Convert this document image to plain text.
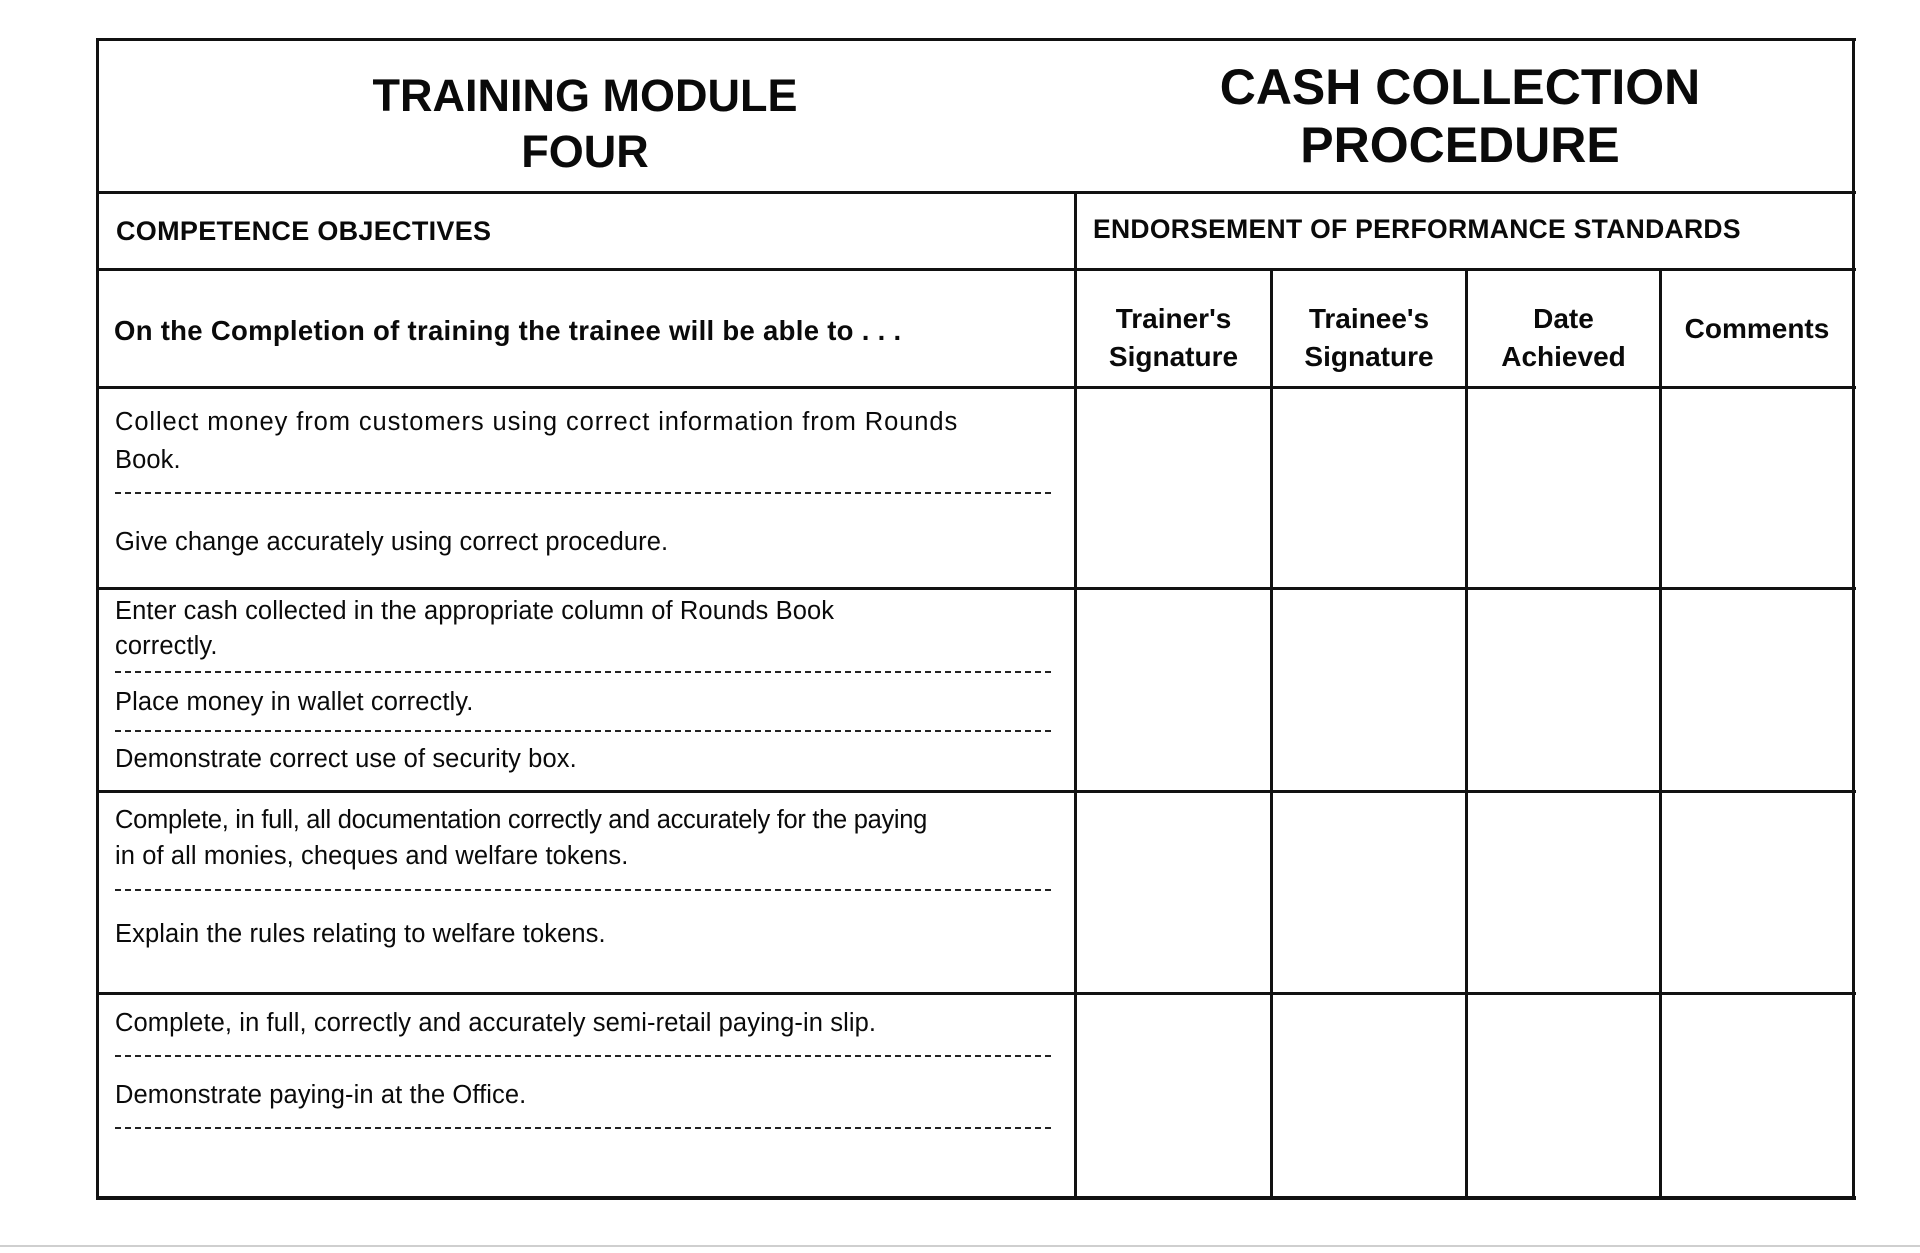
TRAINING MODULE
FOUR
CASH COLLECTION
PROCEDURE
COMPETENCE OBJECTIVES	ENDORSEMENT OF PERFORMANCE STANDARDS
On the Completion of training the trainee will be able to . . .	Trainer's
Signature
Trainee's
Signature
Date
Achieved
Comments
Collect money from customers using correct information from Rounds
Book.
Give change accurately using correct procedure.
Enter cash collected in the appropriate column of Rounds Book
correctly.
Place money in wallet correctly.
Demonstrate correct use of security box.
Complete, in full, all documentation correctly and accurately for the paying
in of all monies, cheques and welfare tokens.
Explain the rules relating to welfare tokens.
Complete, in full, correctly and accurately semi-retail paying-in slip.
Demonstrate paying-in at the Office.
